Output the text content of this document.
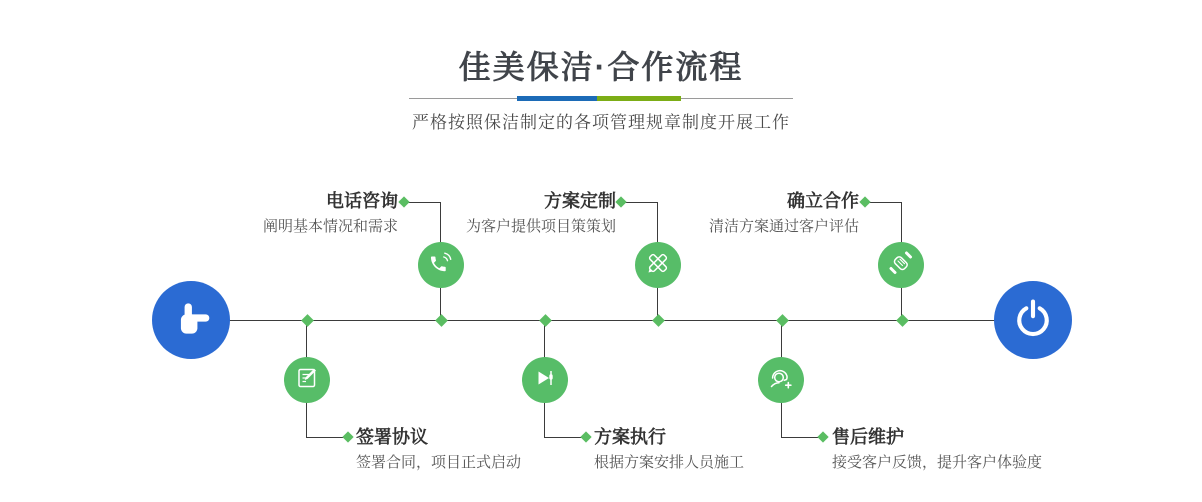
佳美保洁·合作流程

严格按照保洁制定的各项管理规章制度开展工作

电话咨询
阐明基本情况和需求
方案定制
为客户提供项目策策划
确立合作
清洁方案通过客户评估
签署协议
签署合同，项目正式启动
方案执行
根据方案安排人员施工
售后维护
接受客户反馈，提升客户体验度
